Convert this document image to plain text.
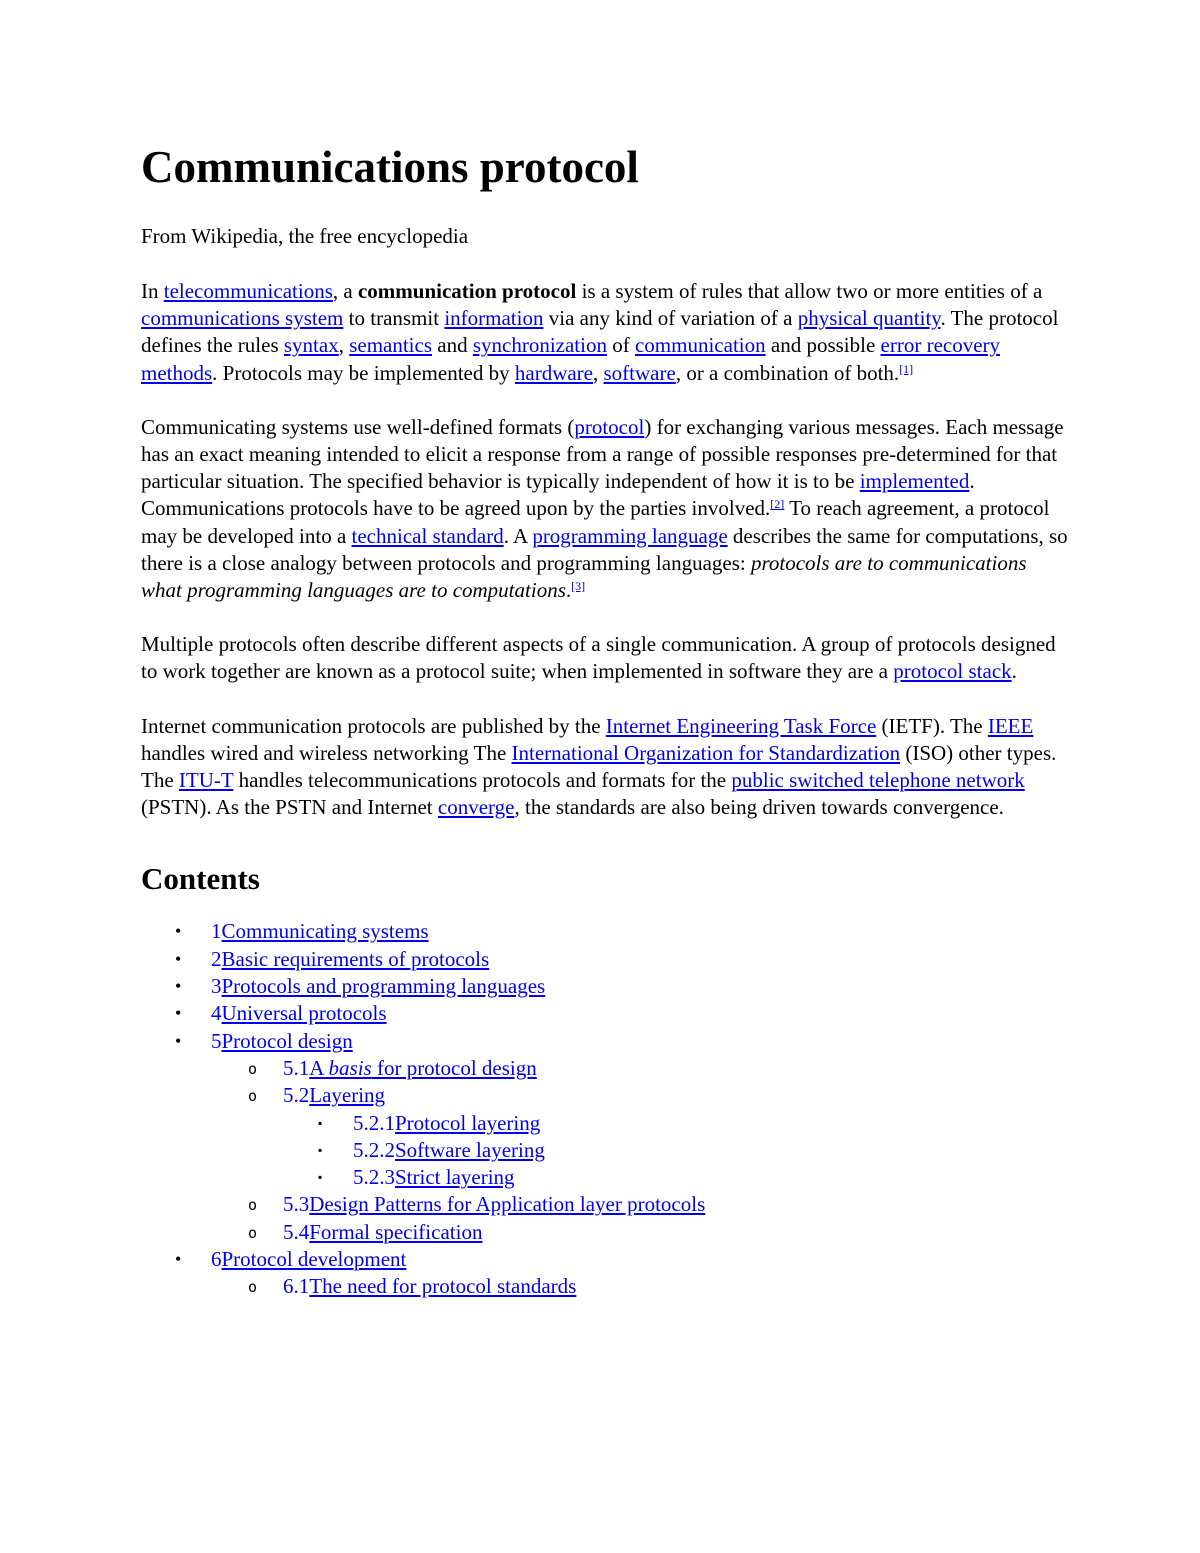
Communications protocol
From Wikipedia, the free encyclopedia

In telecommunications, a communication protocol is a system of rules that allow two or more entities of a communications system to transmit information via any kind of variation of a physical quantity. The protocol defines the rules syntax, semantics and synchronization of communication and possible error recovery methods. Protocols may be implemented by hardware, software, or a combination of both.[1]

Communicating systems use well-defined formats (protocol) for exchanging various messages. Each message has an exact meaning intended to elicit a response from a range of possible responses pre-determined for that particular situation. The specified behavior is typically independent of how it is to be implemented. Communications protocols have to be agreed upon by the parties involved.[2] To reach agreement, a protocol may be developed into a technical standard. A programming language describes the same for computations, so there is a close analogy between protocols and programming languages: protocols are to communications what programming languages are to computations.[3]

Multiple protocols often describe different aspects of a single communication. A group of protocols designed to work together are known as a protocol suite; when implemented in software they are a protocol stack.

Internet communication protocols are published by the Internet Engineering Task Force (IETF). The IEEE handles wired and wireless networking The International Organization for Standardization (ISO) other types. The ITU-T handles telecommunications protocols and formats for the public switched telephone network (PSTN). As the PSTN and Internet converge, the standards are also being driven towards convergence.

Contents
• 1Communicating systems
• 2Basic requirements of protocols
• 3Protocols and programming languages
• 4Universal protocols
• 5Protocol design
o 5.1A basis for protocol design
o 5.2Layering
▪ 5.2.1Protocol layering
▪ 5.2.2Software layering
▪ 5.2.3Strict layering
o 5.3Design Patterns for Application layer protocols
o 5.4Formal specification
• 6Protocol development
o 6.1The need for protocol standards
